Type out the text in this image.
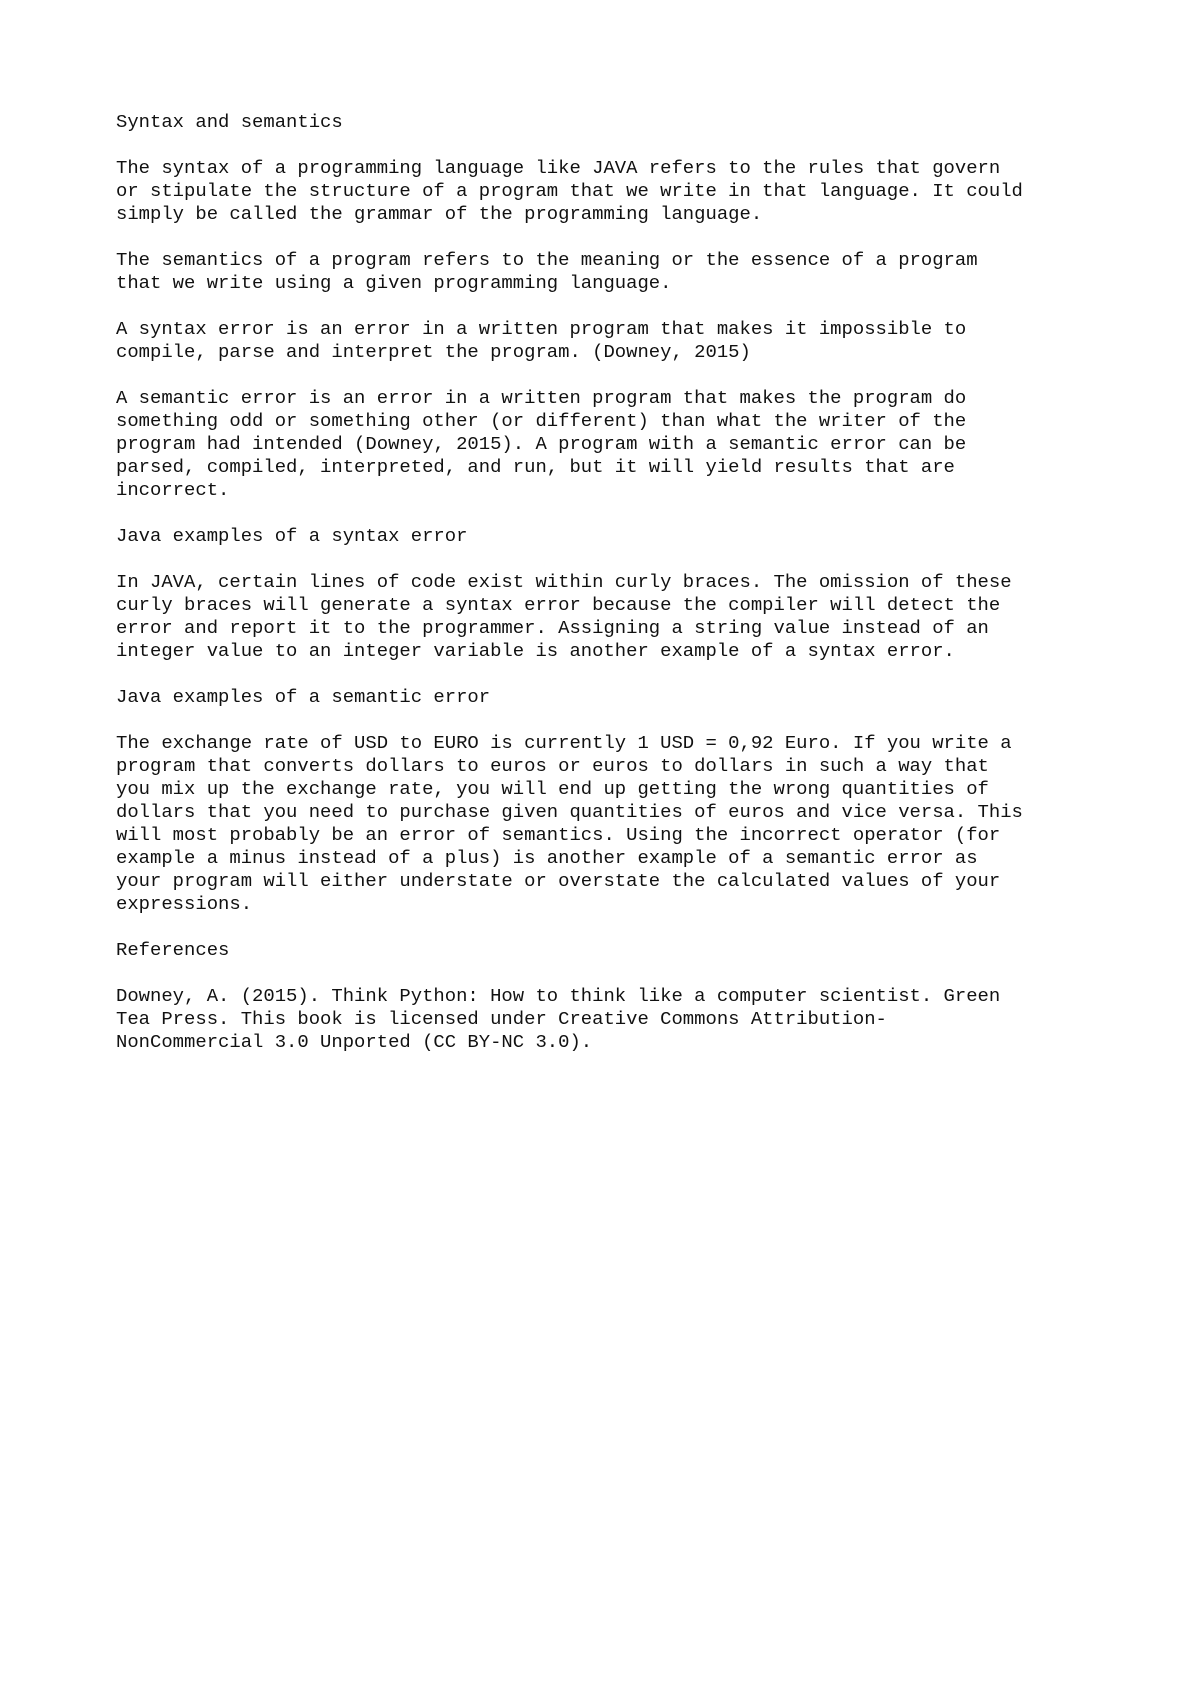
Syntax and semantics
The syntax of a programming language like JAVA refers to the rules that govern
or stipulate the structure of a program that we write in that language. It could
simply be called the grammar of the programming language.
The semantics of a program refers to the meaning or the essence of a program
that we write using a given programming language.
A syntax error is an error in a written program that makes it impossible to
compile, parse and interpret the program. (Downey, 2015)
A semantic error is an error in a written program that makes the program do
something odd or something other (or different) than what the writer of the
program had intended (Downey, 2015). A program with a semantic error can be
parsed, compiled, interpreted, and run, but it will yield results that are
incorrect.
Java examples of a syntax error
In JAVA, certain lines of code exist within curly braces. The omission of these
curly braces will generate a syntax error because the compiler will detect the
error and report it to the programmer. Assigning a string value instead of an
integer value to an integer variable is another example of a syntax error.
Java examples of a semantic error
The exchange rate of USD to EURO is currently 1 USD = 0,92 Euro. If you write a
program that converts dollars to euros or euros to dollars in such a way that
you mix up the exchange rate, you will end up getting the wrong quantities of
dollars that you need to purchase given quantities of euros and vice versa. This
will most probably be an error of semantics. Using the incorrect operator (for
example a minus instead of a plus) is another example of a semantic error as
your program will either understate or overstate the calculated values of your
expressions.
References
Downey, A. (2015). Think Python: How to think like a computer scientist. Green
Tea Press. This book is licensed under Creative Commons Attribution-
NonCommercial 3.0 Unported (CC BY-NC 3.0).
